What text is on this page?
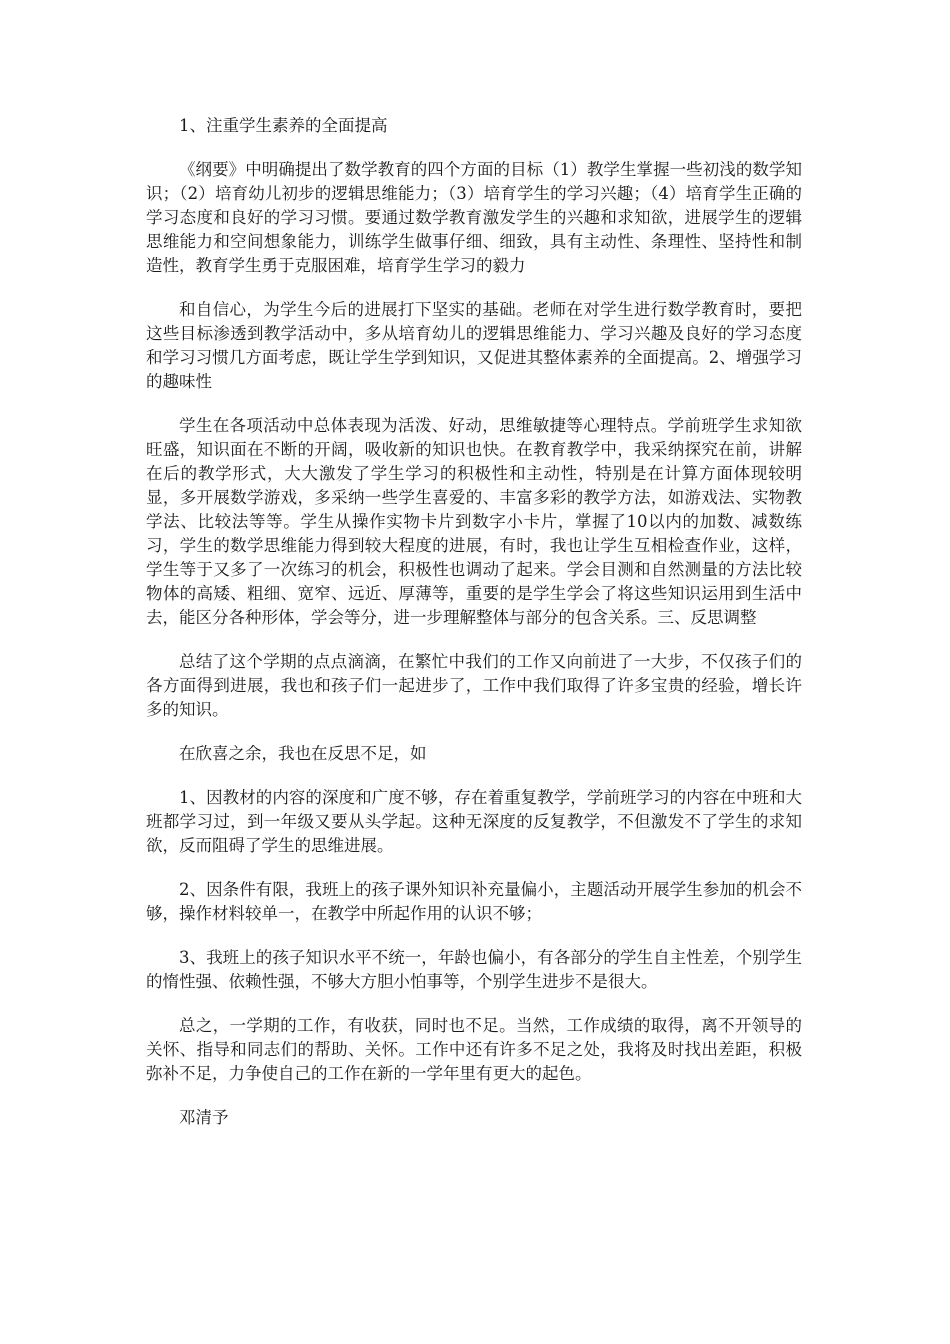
1、注重学生素养的全面提高

《纲要》中明确提出了数学教育的四个方面的目标（1）教学生掌握一些初浅的数学知识；（2）培育幼儿初步的逻辑思维能力；（3）培育学生的学习兴趣；（4）培育学生正确的学习态度和良好的学习习惯。要通过数学教育激发学生的兴趣和求知欲，进展学生的逻辑思维能力和空间想象能力，训练学生做事仔细、细致，具有主动性、条理性、坚持性和制造性，教育学生勇于克服困难，培育学生学习的毅力

和自信心，为学生今后的进展打下坚实的基础。老师在对学生进行数学教育时，要把这些目标渗透到教学活动中，多从培育幼儿的逻辑思维能力、学习兴趣及良好的学习态度和学习习惯几方面考虑，既让学生学到知识，又促进其整体素养的全面提高。2、增强学习的趣味性

学生在各项活动中总体表现为活泼、好动，思维敏捷等心理特点。学前班学生求知欲旺盛，知识面在不断的开阔，吸收新的知识也快。在教育教学中，我采纳探究在前，讲解在后的教学形式，大大激发了学生学习的积极性和主动性，特别是在计算方面体现较明显，多开展数学游戏，多采纳一些学生喜爱的、丰富多彩的教学方法，如游戏法、实物教学法、比较法等等。学生从操作实物卡片到数字小卡片，掌握了10以内的加数、减数练习，学生的数学思维能力得到较大程度的进展，有时，我也让学生互相检查作业，这样，学生等于又多了一次练习的机会，积极性也调动了起来。学会目测和自然测量的方法比较物体的高矮、粗细、宽窄、远近、厚薄等，重要的是学生学会了将这些知识运用到生活中去，能区分各种形体，学会等分，进一步理解整体与部分的包含关系。三、反思调整

总结了这个学期的点点滴滴，在繁忙中我们的工作又向前进了一大步，不仅孩子们的各方面得到进展，我也和孩子们一起进步了，工作中我们取得了许多宝贵的经验，增长许多的知识。

在欣喜之余，我也在反思不足，如

1、因教材的内容的深度和广度不够，存在着重复教学，学前班学习的内容在中班和大班都学习过，到一年级又要从头学起。这种无深度的反复教学，不但激发不了学生的求知欲，反而阻碍了学生的思维进展。

2、因条件有限，我班上的孩子课外知识补充量偏小，主题活动开展学生参加的机会不够，操作材料较单一，在教学中所起作用的认识不够；

3、我班上的孩子知识水平不统一，年龄也偏小，有各部分的学生自主性差，个别学生的惰性强、依赖性强，不够大方胆小怕事等，个别学生进步不是很大。

总之，一学期的工作，有收获，同时也不足。当然，工作成绩的取得，离不开领导的关怀、指导和同志们的帮助、关怀。工作中还有许多不足之处，我将及时找出差距，积极弥补不足，力争使自己的工作在新的一学年里有更大的起色。

邓清予
